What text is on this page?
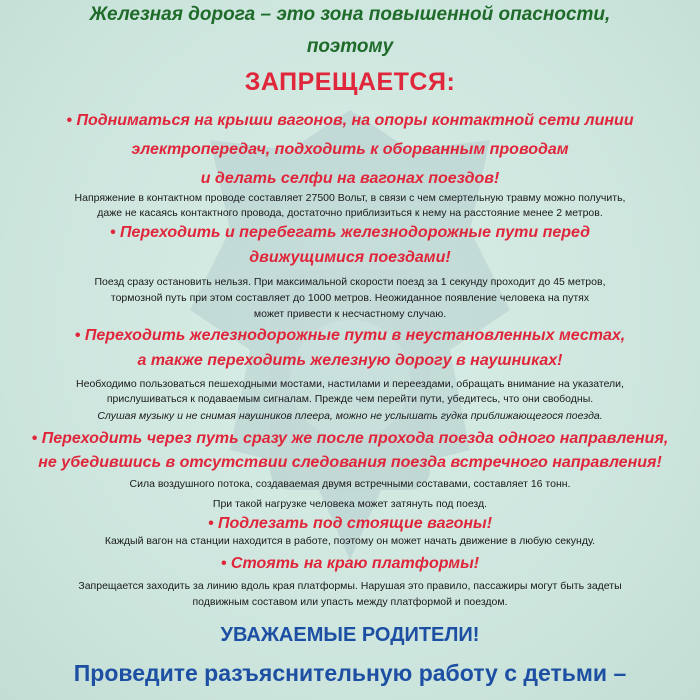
Железная дорога – это зона повышенной опасности,
поэтому
ЗАПРЕЩАЕТСЯ:
• Подниматься на крыши вагонов, на опоры контактной сети линии
электропередач, подходить к оборванным проводам
и делать селфи на вагонах поездов!
Напряжение в контактном проводе составляет 27500 Вольт, в связи с чем смертельную травму можно получить,
даже не касаясь контактного провода, достаточно приблизиться к нему на расстояние менее 2 метров.
• Переходить и перебегать железнодорожные пути перед
движущимися поездами!
Поезд сразу остановить нельзя. При максимальной скорости поезд за 1 секунду проходит до 45 метров,
тормозной путь при этом составляет до 1000 метров. Неожиданное появление человека на путях
может привести к несчастному случаю.
• Переходить железнодорожные пути в неустановленных местах,
а также переходить железную дорогу в наушниках!
Необходимо пользоваться пешеходными мостами, настилами и переездами, обращать внимание на указатели,
прислушиваться к подаваемым сигналам. Прежде чем перейти пути, убедитесь, что они свободны.
Слушая музыку и не снимая наушников плеера, можно не услышать гудка приближающегося поезда.
• Переходить через путь сразу же после прохода поезда одного направления,
не убедившись в отсутствии следования поезда встречного направления!
Сила воздушного потока, создаваемая двумя встречными составами, составляет 16 тонн.
При такой нагрузке человека может затянуть под поезд.
• Подлезать под стоящие вагоны!
Каждый вагон на станции находится в работе, поэтому он может начать движение в любую секунду.
• Стоять на краю платформы!
Запрещается заходить за линию вдоль края платформы. Нарушая это правило, пассажиры могут быть задеты
подвижным составом или упасть между платформой и поездом.
УВАЖАЕМЫЕ РОДИТЕЛИ!
Проведите разъяснительную работу с детьми –
